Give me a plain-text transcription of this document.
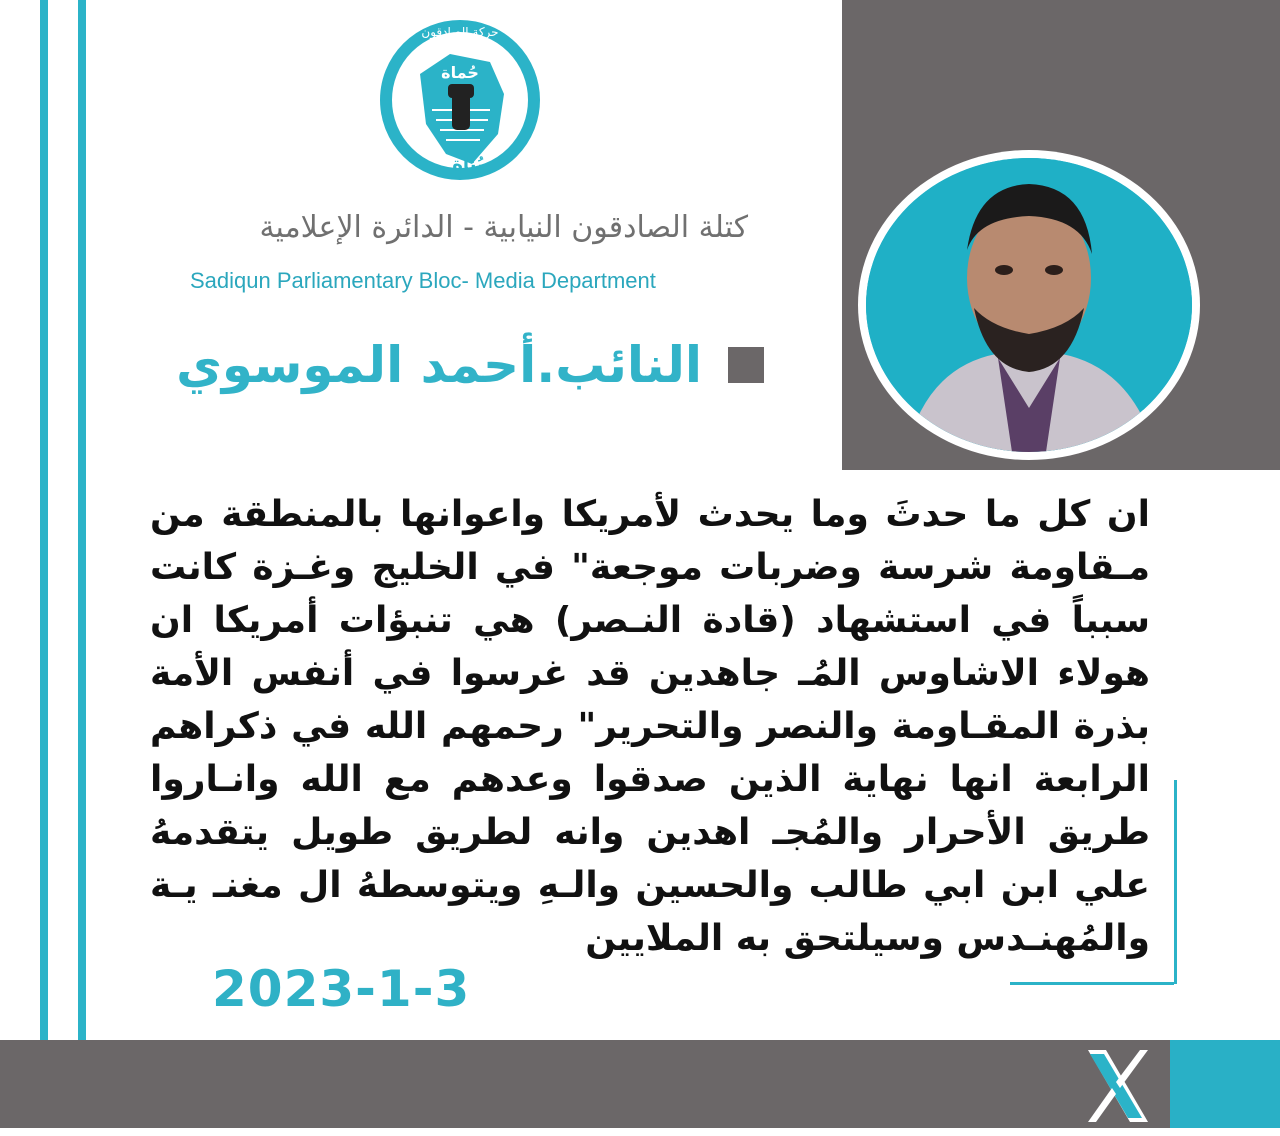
حُماة
بُناة
حركة الصادقون
كتلة الصادقون النيابية - الدائرة الإعلامية
Sadiqun Parliamentary Bloc- Media Department
النائب.أحمد الموسوي
ان كل ما حدثَ وما يحدث لأمريكا واعوانها بالمنطقة من مـقاومة شرسة وضربات موجعة" في الخليج وغـزة كانت سبباً في استشهاد (قادة النـصر) هي تنبؤات أمريكا ان هولاء الاشاوس المُـ جاهدين قد غرسوا في أنفس الأمة بذرة المقـاومة والنصر والتحرير" رحمهم الله في ذكراهم الرابعة انها نهاية الذين صدقوا وعدهم مع الله وانـاروا طريق الأحرار والمُجـ اهدين وانه لطريق طويل يتقدمهُ علي ابن ابي طالب والحسين والـهِ ويتوسطهُ ال مغنـ يـة والمُهنـدس وسيلتحق به الملايين
2023-1-3
